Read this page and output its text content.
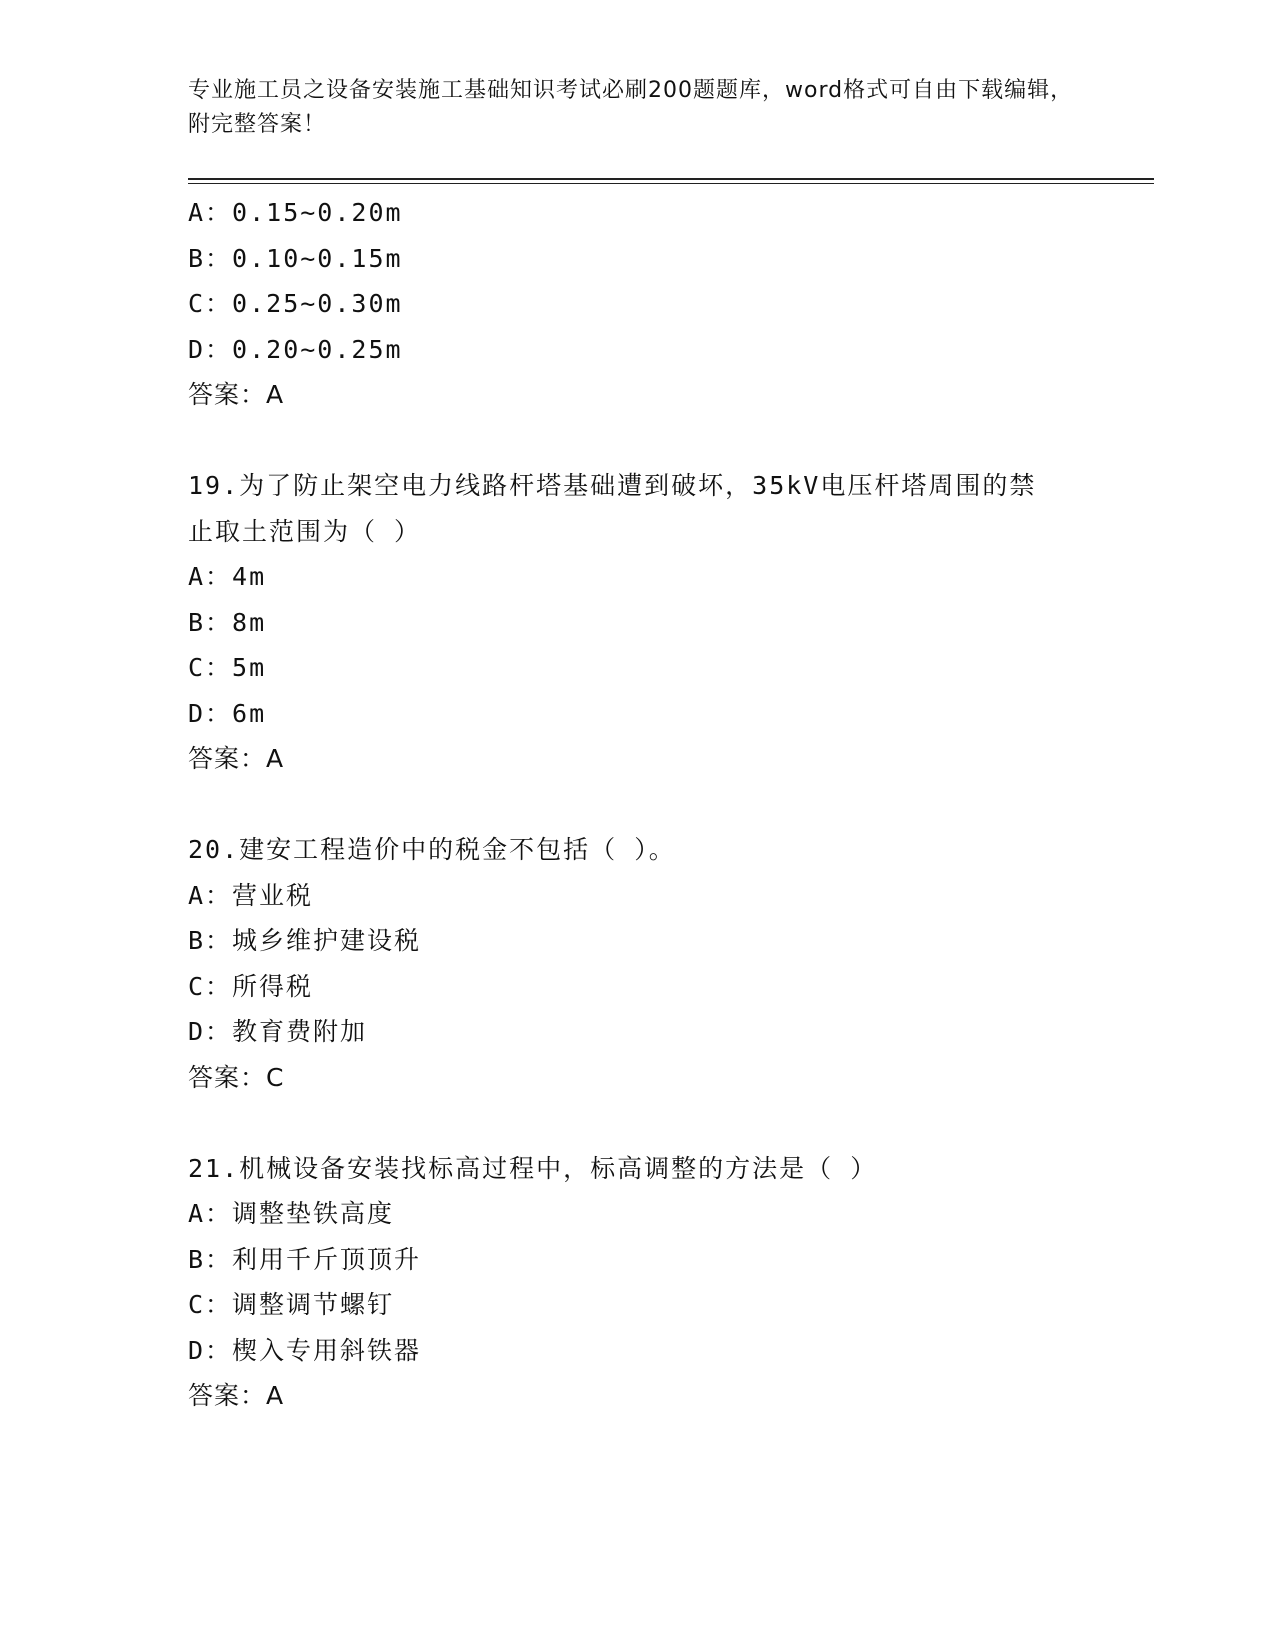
专业施工员之设备安装施工基础知识考试必刷200题题库，word格式可自由下载编辑，附完整答案！
A：0.15~0.20m
B：0.10~0.15m
C：0.25~0.30m
D：0.20~0.25m
答案：A
19.为了防止架空电力线路杆塔基础遭到破坏，35kV电压杆塔周围的禁
止取土范围为（ ）
A：4m
B：8m
C：5m
D：6m
答案：A
20.建安工程造价中的税金不包括（ ）。
A：营业税
B：城乡维护建设税
C：所得税
D：教育费附加
答案：C
21.机械设备安装找标高过程中，标高调整的方法是（ ）
A：调整垫铁高度
B：利用千斤顶顶升
C：调整调节螺钉
D：楔入专用斜铁器
答案：A
